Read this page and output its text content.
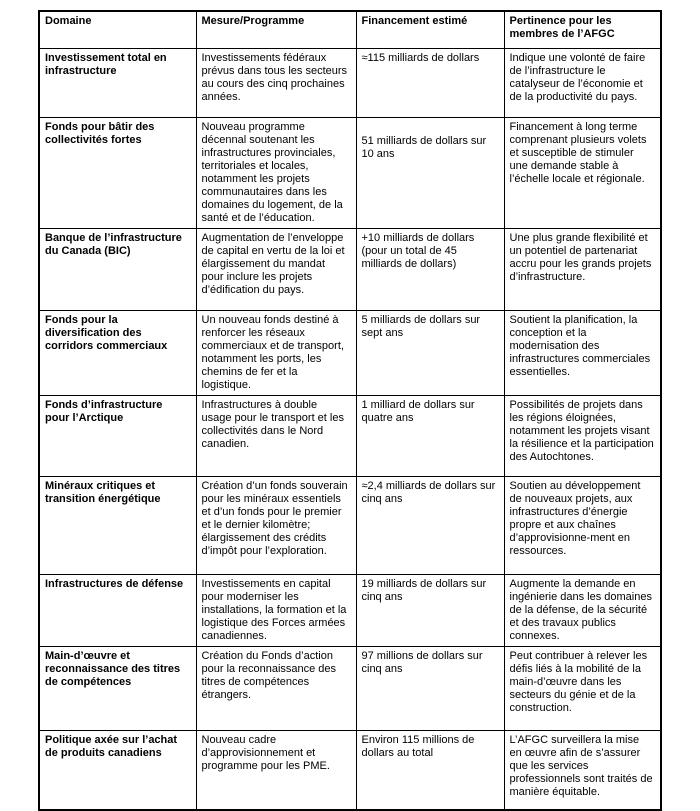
Domaine	Mesure/Programme	Financement estimé	Pertinence pour les membres de l’AFGC
Investissement total en infrastructure	Investissements fédéraux prévus dans tous les secteurs au cours des cinq prochaines années.	≈115 milliards de dollars	Indique une volonté de faire de l’infrastructure le catalyseur de l’économie et de la productivité du pays.
Fonds pour bâtir des collectivités fortes	Nouveau programme décennal soutenant les infrastructures provinciales, territoriales et locales, notamment les projets communautaires dans les domaines du logement, de la santé et de l’éducation.	51 milliards de dollars sur 10 ans	Financement à long terme comprenant plusieurs volets et susceptible de stimuler une demande stable à l’échelle locale et régionale.
Banque de l’infrastructure du Canada (BIC)	Augmentation de l’enveloppe de capital en vertu de la loi et élargissement du mandat pour inclure les projets d’édification du pays.	+10 milliards de dollars (pour un total de 45 milliards de dollars)	Une plus grande flexibilité et un potentiel de partenariat accru pour les grands projets d’infrastructure.
Fonds pour la diversification des corridors commerciaux	Un nouveau fonds destiné à renforcer les réseaux commerciaux et de transport, notamment les ports, les chemins de fer et la logistique.	5 milliards de dollars sur sept ans	Soutient la planification, la conception et la modernisation des infrastructures commerciales essentielles.
Fonds d’infrastructure pour l’Arctique	Infrastructures à double usage pour le transport et les collectivités dans le Nord canadien.	1 milliard de dollars sur quatre ans	Possibilités de projets dans les régions éloignées, notamment les projets visant la résilience et la participation des Autochtones.
Minéraux critiques et transition énergétique	Création d’un fonds souverain pour les minéraux essentiels et d’un fonds pour le premier et le dernier kilomètre; élargissement des crédits d’impôt pour l’exploration.	≈2,4 milliards de dollars sur cinq ans	Soutien au développement de nouveaux projets, aux infrastructures d’énergie propre et aux chaînes d’approvisionne-ment en ressources.
Infrastructures de défense	Investissements en capital pour moderniser les installations, la formation et la logistique des Forces armées canadiennes.	19 milliards de dollars sur cinq ans	Augmente la demande en ingénierie dans les domaines de la défense, de la sécurité et des travaux publics connexes.
Main-d’œuvre et reconnaissance des titres de compétences	Création du Fonds d’action pour la reconnaissance des titres de compétences étrangers.	97 millions de dollars sur cinq ans	Peut contribuer à relever les défis liés à la mobilité de la main-d’œuvre dans les secteurs du génie et de la construction.
Politique axée sur l’achat de produits canadiens	Nouveau cadre d’approvisionnement et programme pour les PME.	Environ 115 millions de dollars au total	L’AFGC surveillera la mise en œuvre afin de s’assurer que les services professionnels sont traités de manière équitable.
